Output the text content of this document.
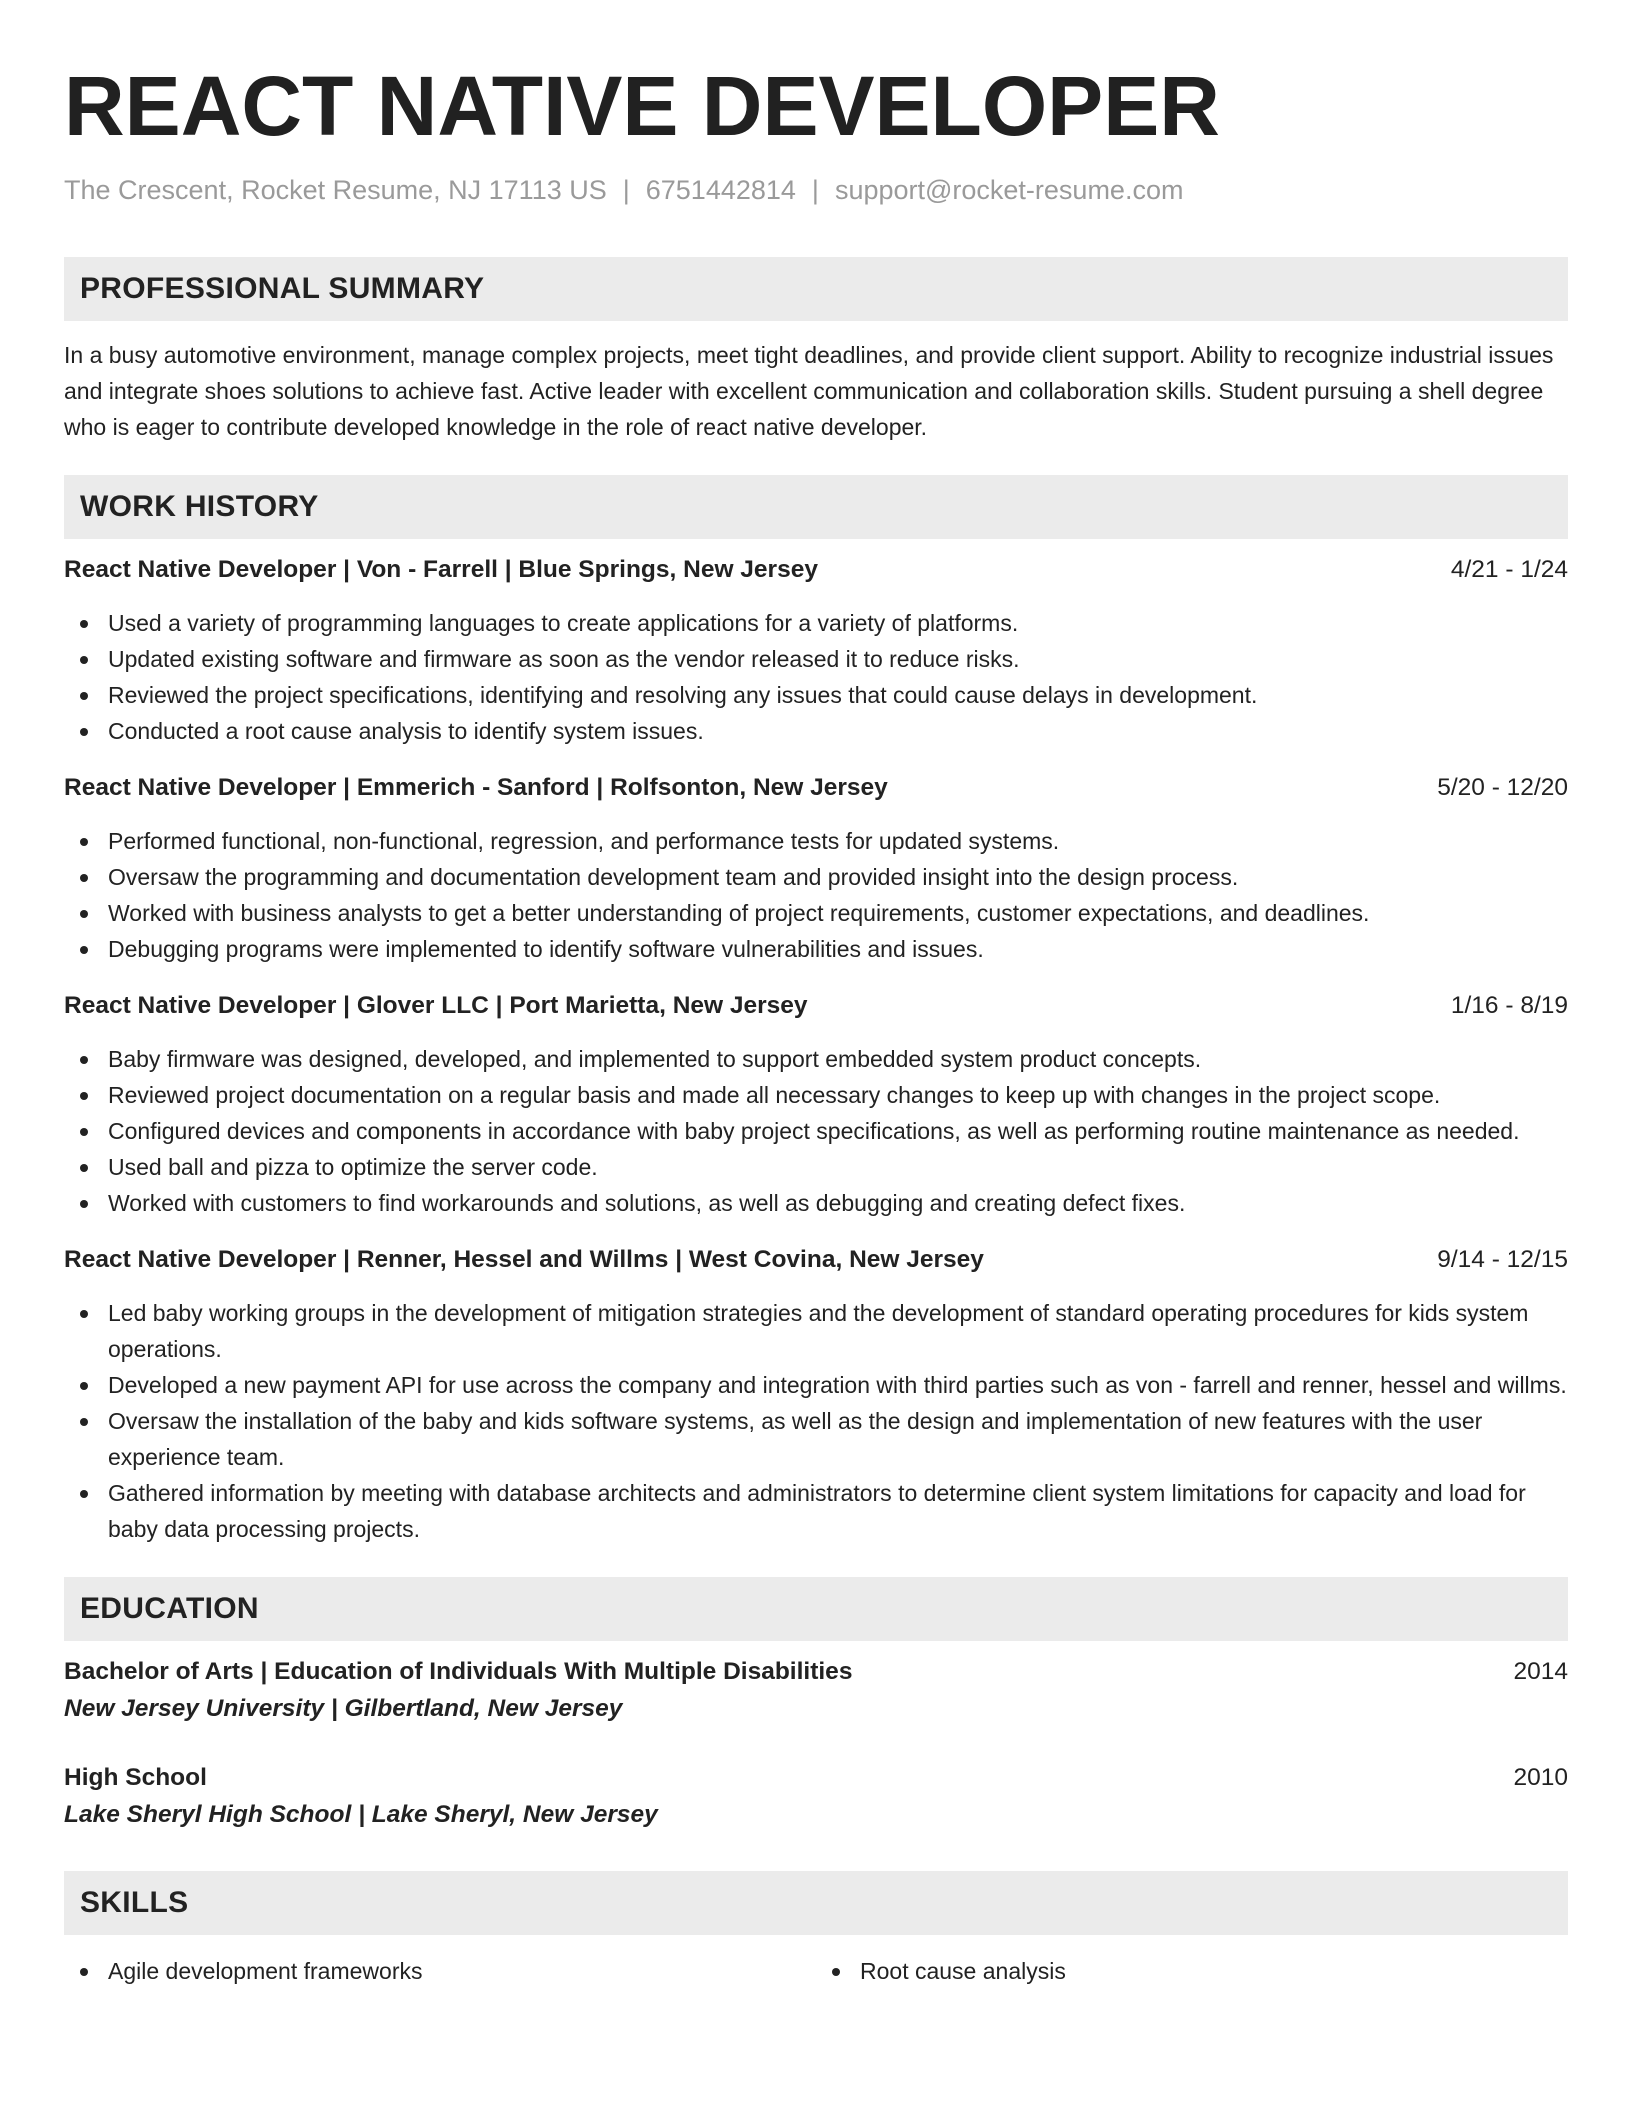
REACT NATIVE DEVELOPER
The Crescent, Rocket Resume, NJ 17113 US | 6751442814 | support@rocket-resume.com
PROFESSIONAL SUMMARY

In a busy automotive environment, manage complex projects, meet tight deadlines, and provide client support. Ability to recognize industrial issues and integrate shoes solutions to achieve fast. Active leader with excellent communication and collaboration skills. Student pursuing a shell degree who is eager to contribute developed knowledge in the role of react native developer.

WORK HISTORY
React Native Developer | Von - Farrell | Blue Springs, New Jersey	4/21 - 1/24
Used a variety of programming languages to create applications for a variety of platforms.
Updated existing software and firmware as soon as the vendor released it to reduce risks.
Reviewed the project specifications, identifying and resolving any issues that could cause delays in development.
Conducted a root cause analysis to identify system issues.
React Native Developer | Emmerich - Sanford | Rolfsonton, New Jersey	5/20 - 12/20
Performed functional, non-functional, regression, and performance tests for updated systems.
Oversaw the programming and documentation development team and provided insight into the design process.
Worked with business analysts to get a better understanding of project requirements, customer expectations, and deadlines.
Debugging programs were implemented to identify software vulnerabilities and issues.
React Native Developer | Glover LLC | Port Marietta, New Jersey	1/16 - 8/19
Baby firmware was designed, developed, and implemented to support embedded system product concepts.
Reviewed project documentation on a regular basis and made all necessary changes to keep up with changes in the project scope.
Configured devices and components in accordance with baby project specifications, as well as performing routine maintenance as needed.
Used ball and pizza to optimize the server code.
Worked with customers to find workarounds and solutions, as well as debugging and creating defect fixes.
React Native Developer | Renner, Hessel and Willms | West Covina, New Jersey	9/14 - 12/15
Led baby working groups in the development of mitigation strategies and the development of standard operating procedures for kids system operations.
Developed a new payment API for use across the company and integration with third parties such as von - farrell and renner, hessel and willms.
Oversaw the installation of the baby and kids software systems, as well as the design and implementation of new features with the user experience team.
Gathered information by meeting with database architects and administrators to determine client system limitations for capacity and load for baby data processing projects.
EDUCATION
Bachelor of Arts | Education of Individuals With Multiple Disabilities	2014
New Jersey University | Gilbertland, New Jersey
High School	2010
Lake Sheryl High School | Lake Sheryl, New Jersey
SKILLS
Agile development frameworks	Root cause analysis
